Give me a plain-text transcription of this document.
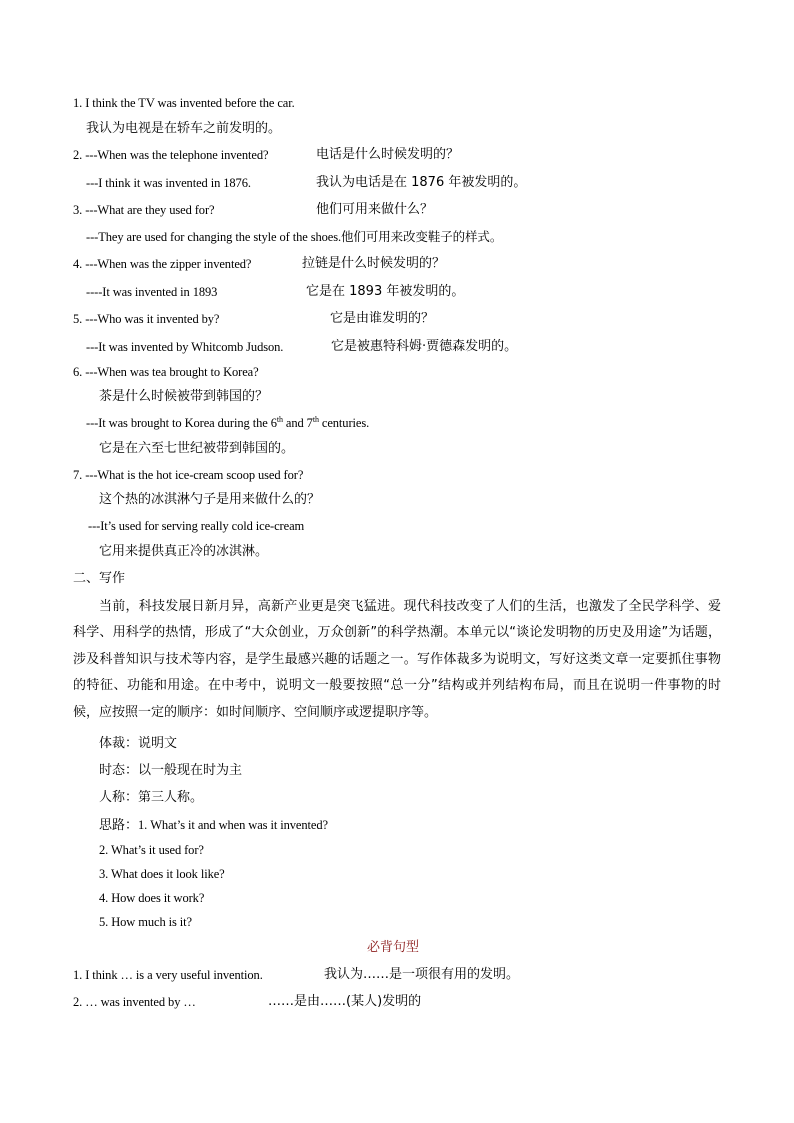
1. I think the TV was invented before the car.
我认为电视是在轿车之前发明的。
2. ---When was the telephone invented?	电话是什么时候发明的？
---I think it was invented in 1876.	我认为电话是在 1876 年被发明的。
3. ---What are they used for?	他们可用来做什么？
---They are used for changing the style of the shoes.他们可用来改变鞋子的样式。
4. ---When was the zipper invented?	拉链是什么时候发明的？
----It was invented in 1893	它是在 1893 年被发明的。
5. ---Who was it invented by?	它是由谁发明的？
---It was invented by Whitcomb Judson.	它是被惠特科姆·贾德森发明的。
6. ---When was tea brought to Korea?
茶是什么时候被带到韩国的？
---It was brought to Korea during the 6th and 7th centuries.
它是在六至七世纪被带到韩国的。
7. ---What is the hot ice-cream scoop used for?
这个热的冰淇淋勺子是用来做什么的？
---It’s used for serving really cold ice-cream
它用来提供真正冷的冰淇淋。
二、写作
当前，科技发展日新月异，高新产业更是突飞猛进。现代科技改变了人们的生活，也激发了全民学科学、爱科学、用科学的热情，形成了“大众创业，万众创新”的科学热潮。本单元以“谈论发明物的历史及用途”为话题，涉及科普知识与技术等内容，是学生最感兴趣的话题之一。写作体裁多为说明文，写好这类文章一定要抓住事物的特征、功能和用途。在中考中，说明文一般要按照“总一分”结构或并列结构布局，而且在说明一件事物的时候，应按照一定的顺序：如时间顺序、空间顺序或逻提职序等。
体裁：说明文
时态：以一般现在时为主
人称：第三人称。
思路：1. What’s it and when was it invented?
2. What’s it used for?
3. What does it look like?
4. How does it work?
5. How much is it?
必背句型
1. I think … is a very useful invention.	我认为……是一项很有用的发明。
2. … was invented by …	……是由……(某人)发明的
